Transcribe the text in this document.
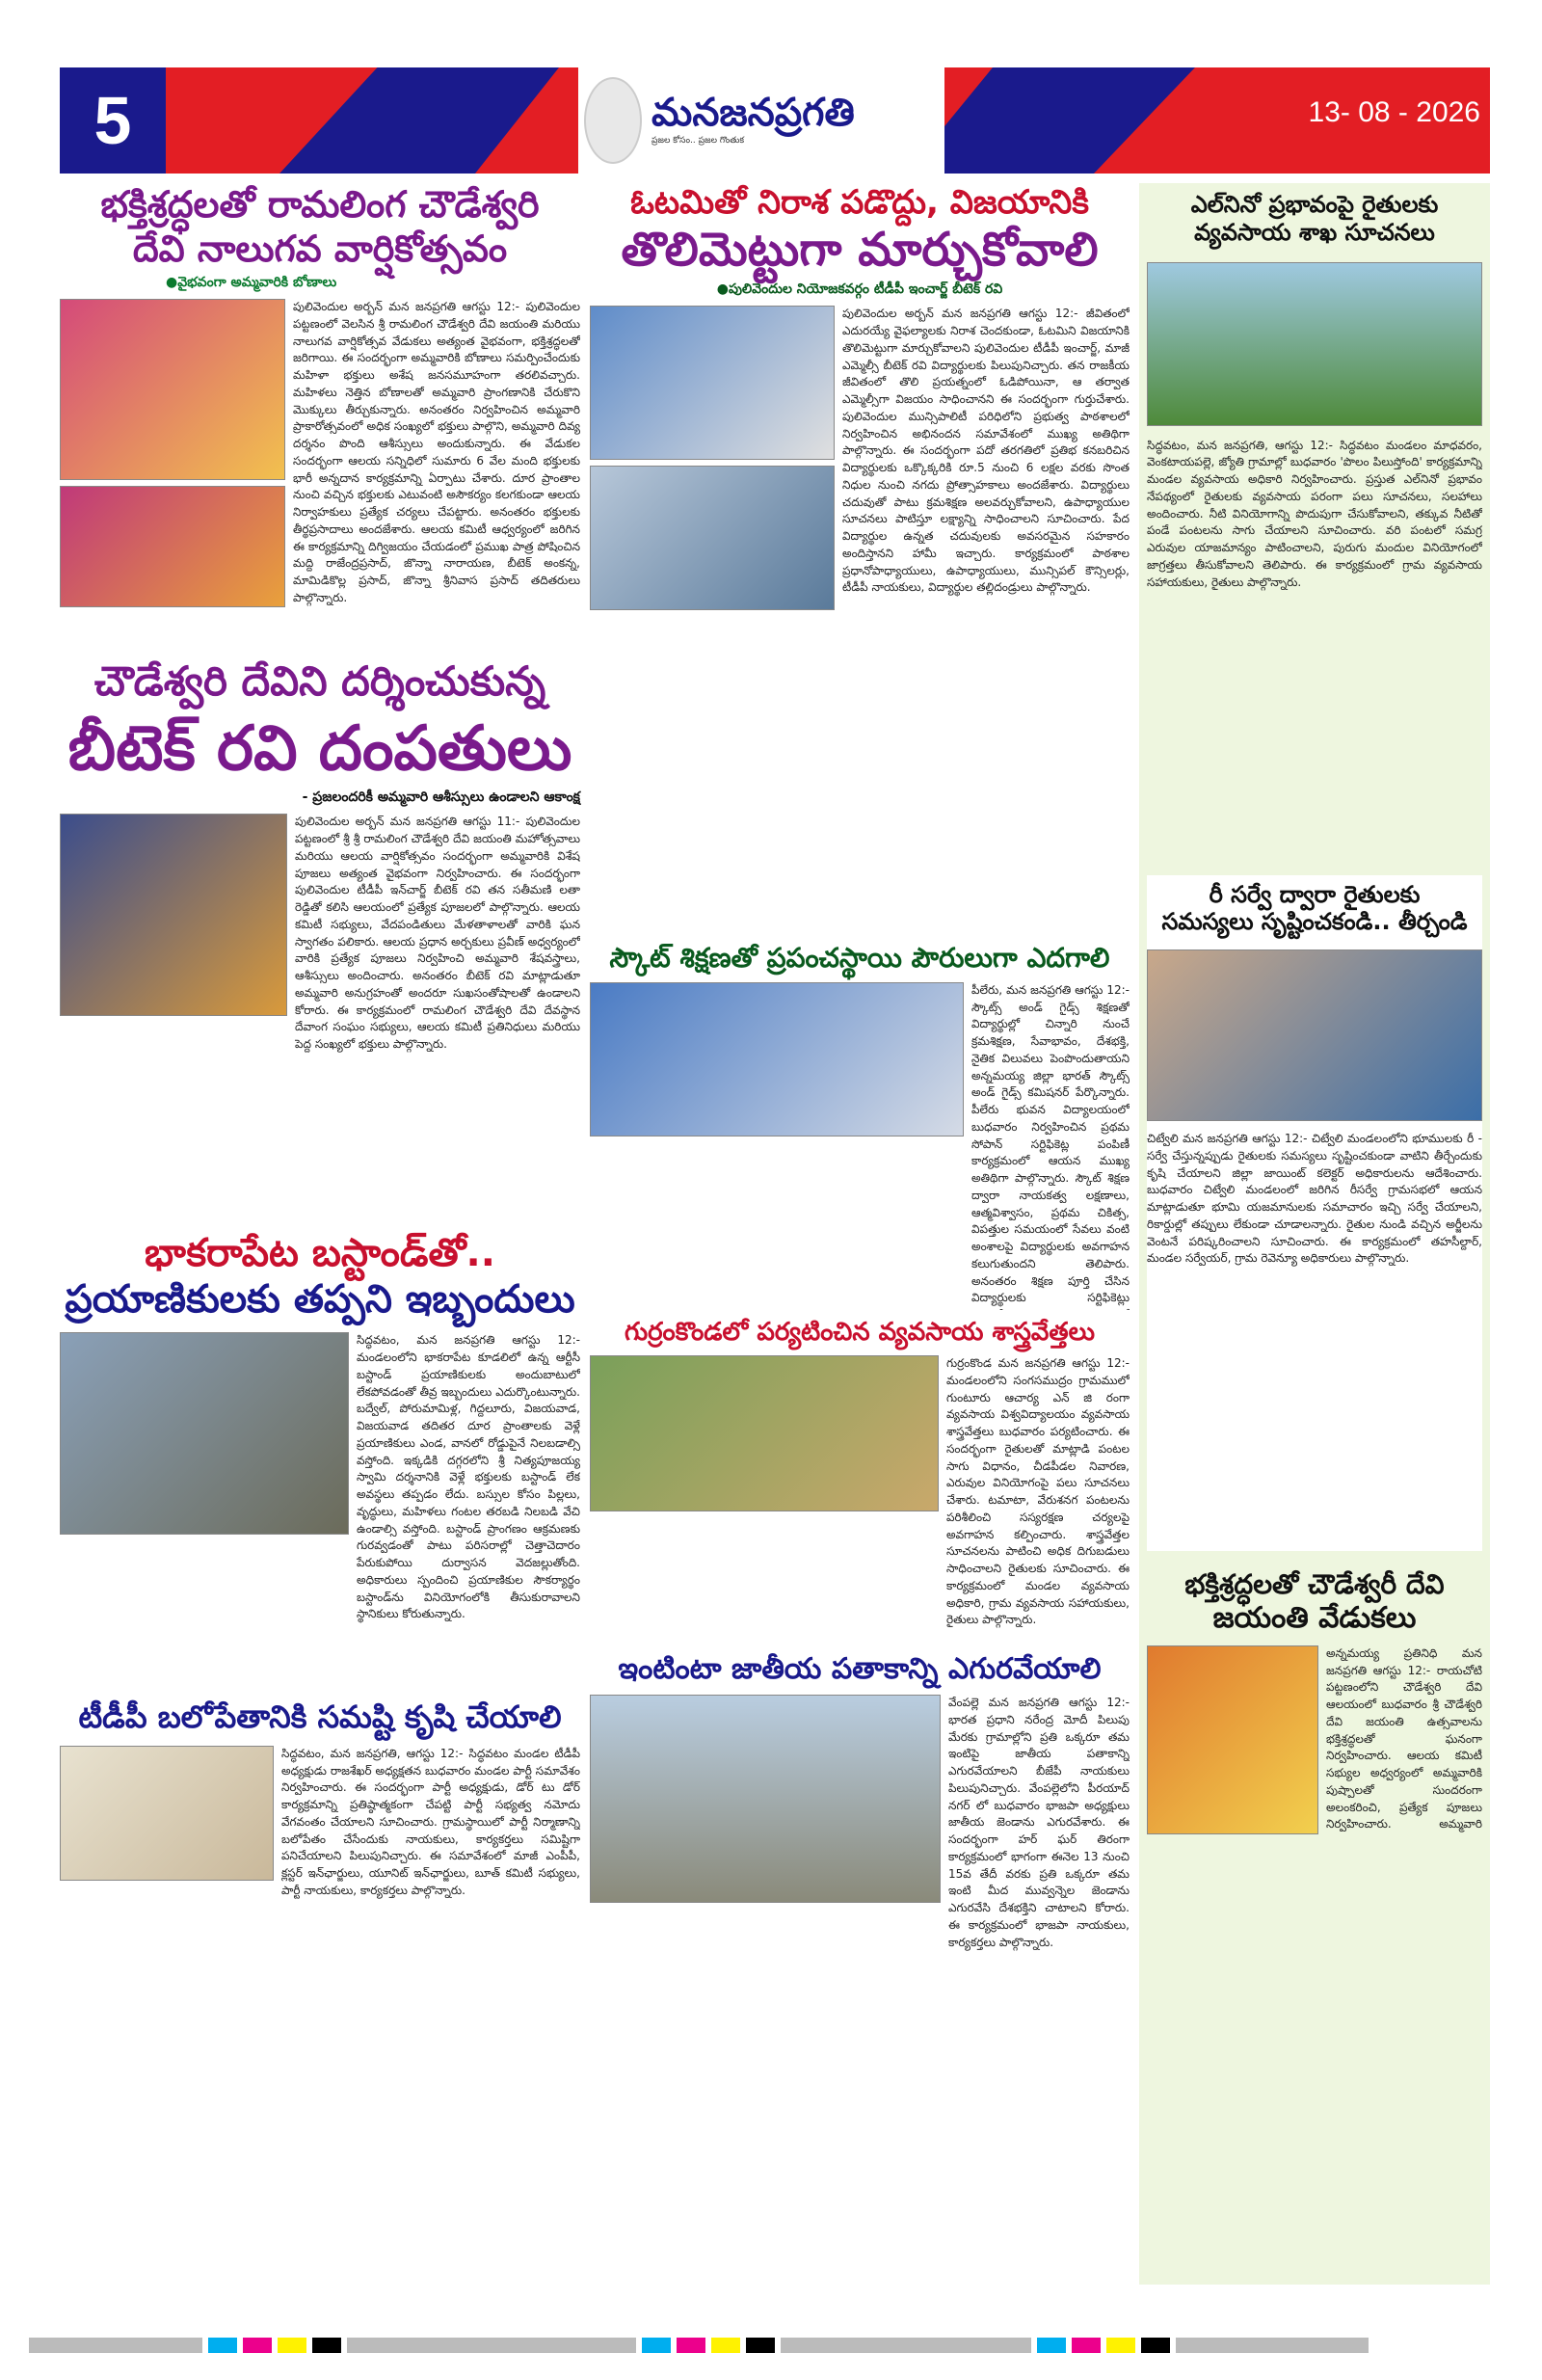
5	మనజనప్రగతి
ప్రజల కోసం.. ప్రజల గొంతుక
13- 08 - 2026
భక్తిశ్రద్ధలతో రామలింగ చౌడేశ్వరి
దేవి నాలుగవ వార్షికోత్సవం
●వైభవంగా అమ్మవారికి బోణాలు
పులివెందుల అర్బన్ మన జనప్రగతి ఆగస్టు 12:- పులివెందుల పట్టణంలో వెలసిన శ్రీ రామలింగ చౌడేశ్వరి దేవి జయంతి మరియు నాలుగవ వార్షికోత్సవ వేడుకలు అత్యంత వైభవంగా, భక్తిశ్రద్ధలతో జరిగాయి. ఈ సందర్భంగా అమ్మవారికి బోణాలు సమర్పించేందుకు మహిళా భక్తులు అశేష జనసమూహంగా తరలివచ్చారు. మహిళలు నెత్తిన బోణాలతో అమ్మవారి ప్రాంగణానికి చేరుకొని మొక్కులు తీర్చుకున్నారు. అనంతరం నిర్వహించిన అమ్మవారి ప్రాకారోత్సవంలో అధిక సంఖ్యలో భక్తులు పాల్గొని, అమ్మవారి దివ్య దర్శనం పొంది ఆశీస్సులు అందుకున్నారు. ఈ వేడుకల సందర్భంగా ఆలయ సన్నిధిలో సుమారు 6 వేల మంది భక్తులకు భారీ అన్నదాన కార్యక్రమాన్ని ఏర్పాటు చేశారు. దూర ప్రాంతాల నుంచి వచ్చిన భక్తులకు ఎటువంటి అసౌకర్యం కలగకుండా ఆలయ నిర్వాహకులు ప్రత్యేక చర్యలు చేపట్టారు. అనంతరం భక్తులకు తీర్థప్రసాదాలు అందజేశారు. ఆలయ కమిటీ ఆధ్వర్యంలో జరిగిన ఈ కార్యక్రమాన్ని దిగ్విజయం చేయడంలో ప్రముఖ పాత్ర పోషించిన మద్ది రాజేంద్రప్రసాద్, జొన్నా నారాయణ, బీటెక్ అంకన్న, మామిడికొల్ల ప్రసాద్, జొన్నా శ్రీనివాస ప్రసాద్ తదితరులు పాల్గొన్నారు.
చౌడేశ్వరి దేవిని దర్శించుకున్న
బీటెక్ రవి దంపతులు
- ప్రజలందరికీ అమ్మవారి ఆశీస్సులు ఉండాలని ఆకాంక్ష
పులివెందుల అర్బన్ మన జనప్రగతి ఆగస్టు 11:- పులివెందుల పట్టణంలో శ్రీ శ్రీ రామలింగ చౌడేశ్వరి దేవి జయంతి మహోత్సవాలు మరియు ఆలయ వార్షికోత్సవం సందర్భంగా అమ్మవారికి విశేష పూజలు అత్యంత వైభవంగా నిర్వహించారు. ఈ సందర్భంగా పులివెందుల టీడీపీ ఇన్‌చార్జ్ బీటెక్ రవి తన సతీమణి లతా రెడ్డితో కలిసి ఆలయంలో ప్రత్యేక పూజలలో పాల్గొన్నారు. ఆలయ కమిటీ సభ్యులు, వేదపండితులు మేళతాళాలతో వారికి ఘన స్వాగతం పలికారు. ఆలయ ప్రధాన అర్చకులు ప్రవీణ్ అధ్వర్యంలో వారికి ప్రత్యేక పూజలు నిర్వహించి అమ్మవారి శేషవస్త్రాలు, ఆశీస్సులు అందించారు. అనంతరం బీటెక్ రవి మాట్లాడుతూ అమ్మవారి అనుగ్రహంతో అందరూ సుఖసంతోషాలతో ఉండాలని కోరారు. ఈ కార్యక్రమంలో రామలింగ చౌడేశ్వరి దేవి దేవస్థాన దేవాంగ సంఘం సభ్యులు, ఆలయ కమిటీ ప్రతినిధులు మరియు పెద్ద సంఖ్యలో భక్తులు పాల్గొన్నారు.
భాకరాపేట బస్టాండ్‌తో..
ప్రయాణికులకు తప్పని ఇబ్బందులు
సిద్ధవటం, మన జనప్రగతి ఆగస్టు 12:- మండలంలోని భాకరాపేట కూడలిలో ఉన్న ఆర్టీసీ బస్టాండ్ ప్రయాణికులకు అందుబాటులో లేకపోవడంతో తీవ్ర ఇబ్బందులు ఎదుర్కొంటున్నారు. బద్వేల్, పోరుమామిళ్ల, గిద్దలూరు, విజయవాడ, విజయవాడ తదితర దూర ప్రాంతాలకు వెళ్లే ప్రయాణికులు ఎండ, వానలో రోడ్డుపైనే నిలబడాల్సి వస్తోంది. ఇక్కడికి దగ్గరలోని శ్రీ నిత్యపూజయ్య స్వామి దర్శనానికి వెళ్లే భక్తులకు బస్టాండ్ లేక అవస్థలు తప్పడం లేదు. బస్సుల కోసం పిల్లలు, వృద్ధులు, మహిళలు గంటల తరబడి నిలబడి వేచి ఉండాల్సి వస్తోంది. బస్టాండ్ ప్రాంగణం ఆక్రమణకు గురవ్వడంతో పాటు పరిసరాల్లో చెత్తాచెదారం పేరుకుపోయి దుర్వాసన వెదజల్లుతోంది. అధికారులు స్పందించి ప్రయాణికుల సౌకర్యార్థం బస్టాండ్‌ను వినియోగంలోకి తీసుకురావాలని స్థానికులు కోరుతున్నారు.
టీడీపీ బలోపేతానికి సమష్టి కృషి చేయాలి
సిద్ధవటం, మన జనప్రగతి, ఆగస్టు 12:- సిద్ధవటం మండల టీడీపీ అధ్యక్షుడు రాజశేఖర్ అధ్యక్షతన బుధవారం మండల పార్టీ సమావేశం నిర్వహించారు. ఈ సందర్భంగా పార్టీ అధ్యక్షుడు, డోర్ టు డోర్ కార్యక్రమాన్ని ప్రతిష్ఠాత్మకంగా చేపట్టి పార్టీ సభ్యత్వ నమోదు వేగవంతం చేయాలని సూచించారు. గ్రామస్థాయిలో పార్టీ నిర్మాణాన్ని బలోపేతం చేసేందుకు నాయకులు, కార్యకర్తలు సమిష్టిగా పనిచేయాలని పిలుపునిచ్చారు. ఈ సమావేశంలో మాజీ ఎంపీపీ, క్లస్టర్ ఇన్‌ఛార్జులు, యూనిట్ ఇన్‌ఛార్జులు, బూత్ కమిటీ సభ్యులు, పార్టీ నాయకులు, కార్యకర్తలు పాల్గొన్నారు.
ఓటమితో నిరాశ పడొద్దు, విజయానికి
తొలిమెట్టుగా మార్చుకోవాలి
●పులివెందుల నియోజకవర్గం టీడీపీ ఇంచార్జ్ బీటెక్ రవి
పులివెందుల అర్బన్ మన జనప్రగతి ఆగస్టు 12:- జీవితంలో ఎదురయ్యే వైఫల్యాలకు నిరాశ చెందకుండా, ఓటమిని విజయానికి తొలిమెట్టుగా మార్చుకోవాలని పులివెందుల టీడీపీ ఇంచార్జ్, మాజీ ఎమ్మెల్సీ బీటెక్ రవి విద్యార్థులకు పిలుపునిచ్చారు. తన రాజకీయ జీవితంలో తొలి ప్రయత్నంలో ఓడిపోయినా, ఆ తర్వాత ఎమ్మెల్సీగా విజయం సాధించానని ఈ సందర్భంగా గుర్తుచేశారు. పులివెందుల మున్సిపాలిటీ పరిధిలోని ప్రభుత్వ పాఠశాలలో నిర్వహించిన అభినందన సమావేశంలో ముఖ్య అతిథిగా పాల్గొన్నారు. ఈ సందర్భంగా పదో తరగతిలో ప్రతిభ కనబరిచిన విద్యార్థులకు ఒక్కొక్కరికి రూ.5 నుంచి 6 లక్షల వరకు సొంత నిధుల నుంచి నగదు ప్రోత్సాహకాలు అందజేశారు. విద్యార్థులు చదువుతో పాటు క్రమశిక్షణ అలవర్చుకోవాలని, ఉపాధ్యాయుల సూచనలు పాటిస్తూ లక్ష్యాన్ని సాధించాలని సూచించారు. పేద విద్యార్థుల ఉన్నత చదువులకు అవసరమైన సహకారం అందిస్తానని హామీ ఇచ్చారు. కార్యక్రమంలో పాఠశాల ప్రధానోపాధ్యాయులు, ఉపాధ్యాయులు, మున్సిపల్ కౌన్సిలర్లు, టీడీపీ నాయకులు, విద్యార్థుల తల్లిదండ్రులు పాల్గొన్నారు.
స్కౌట్ శిక్షణతో ప్రపంచస్థాయి పౌరులుగా ఎదగాలి
పీలేరు, మన జనప్రగతి ఆగస్టు 12:- స్కౌట్స్ అండ్ గైడ్స్ శిక్షణతో విద్యార్థుల్లో చిన్నారి నుంచే క్రమశిక్షణ, సేవాభావం, దేశభక్తి, నైతిక విలువలు పెంపొందుతాయని అన్నమయ్య జిల్లా భారత్ స్కౌట్స్ అండ్ గైడ్స్ కమిషనర్ పేర్కొన్నారు. పీలేరు భువన విద్యాలయంలో బుధవారం నిర్వహించిన ప్రథమ సోపాన్ సర్టిఫికెట్ల పంపిణీ కార్యక్రమంలో ఆయన ముఖ్య అతిథిగా పాల్గొన్నారు. స్కౌట్ శిక్షణ ద్వారా నాయకత్వ లక్షణాలు, ఆత్మవిశ్వాసం, ప్రథమ చికిత్స, విపత్తుల సమయంలో సేవలు వంటి అంశాలపై విద్యార్థులకు అవగాహన కలుగుతుందని తెలిపారు. అనంతరం శిక్షణ పూర్తి చేసిన విద్యార్థులకు సర్టిఫికెట్లు
గుర్రంకొండలో పర్యటించిన వ్యవసాయ శాస్త్రవేత్తలు
గుర్రంకొండ మన జనప్రగతి ఆగస్టు 12:- మండలంలోని సంగసముద్రం గ్రామములో గుంటూరు ఆచార్య ఎన్ జి రంగా వ్యవసాయ విశ్వవిద్యాలయం వ్యవసాయ శాస్త్రవేత్తలు బుధవారం పర్యటించారు. ఈ సందర్భంగా రైతులతో మాట్లాడి పంటల సాగు విధానం, చీడపీడల నివారణ, ఎరువుల వినియోగంపై పలు సూచనలు చేశారు. టమాటా, వేరుశనగ పంటలను పరిశీలించి సస్యరక్షణ చర్యలపై అవగాహన కల్పించారు. శాస్త్రవేత్తల సూచనలను పాటించి అధిక దిగుబడులు సాధించాలని రైతులకు సూచించారు. ఈ కార్యక్రమంలో మండల వ్యవసాయ అధికారి, గ్రామ వ్యవసాయ సహాయకులు, రైతులు పాల్గొన్నారు.
ఇంటింటా జాతీయ పతాకాన్ని ఎగురవేయాలి
వేంపల్లె మన జనప్రగతి ఆగస్టు 12:- భారత ప్రధాని నరేంద్ర మోదీ పిలుపు మేరకు గ్రామాల్లోని ప్రతి ఒక్కరూ తమ ఇంటిపై జాతీయ పతాకాన్ని ఎగురవేయాలని బీజేపీ నాయకులు పిలుపునిచ్చారు. వేంపల్లెలోని పీరయాద్ నగర్ లో బుధవారం భాజపా అధ్యక్షులు జాతీయ జెండాను ఎగురవేశారు. ఈ సందర్భంగా హర్ ఘర్ తిరంగా కార్యక్రమంలో భాగంగా ఈనెల 13 నుంచి 15వ తేదీ వరకు ప్రతి ఒక్కరూ తమ ఇంటి మీద మువ్వన్నెల జెండాను ఎగురవేసి దేశభక్తిని చాటాలని కోరారు. ఈ కార్యక్రమంలో భాజపా నాయకులు, కార్యకర్తలు పాల్గొన్నారు.
ఎల్‌నినో ప్రభావంపై రైతులకు
వ్యవసాయ శాఖ సూచనలు
సిద్ధవటం, మన జనప్రగతి, ఆగస్టు 12:- సిద్ధవటం మండలం మాధవరం, వెంకటాయపల్లె, జ్యోతి గ్రామాల్లో బుధవారం 'పొలం పిలుస్తోంది' కార్యక్రమాన్ని మండల వ్యవసాయ అధికారి నిర్వహించారు. ప్రస్తుత ఎల్‌నినో ప్రభావం నేపథ్యంలో రైతులకు వ్యవసాయ పరంగా పలు సూచనలు, సలహాలు అందించారు. నీటి వినియోగాన్ని పొదుపుగా చేసుకోవాలని, తక్కువ నీటితో పండే పంటలను సాగు చేయాలని సూచించారు. వరి పంటలో సమగ్ర ఎరువుల యాజమాన్యం పాటించాలని, పురుగు మందుల వినియోగంలో జాగ్రత్తలు తీసుకోవాలని తెలిపారు. ఈ కార్యక్రమంలో గ్రామ వ్యవసాయ సహాయకులు, రైతులు పాల్గొన్నారు.
రీ సర్వే ద్వారా రైతులకు
సమస్యలు సృష్టించకండి.. తీర్చండి
చిట్వేలి మన జనప్రగతి ఆగస్టు 12:- చిట్వేలి మండలంలోని భూములకు రీ - సర్వే చేస్తున్నప్పుడు రైతులకు సమస్యలు సృష్టించకుండా వాటిని తీర్చేందుకు కృషి చేయాలని జిల్లా జాయింట్ కలెక్టర్ అధికారులను ఆదేశించారు. బుధవారం చిట్వేలి మండలంలో జరిగిన రీసర్వే గ్రామసభలో ఆయన మాట్లాడుతూ భూమి యజమానులకు సమాచారం ఇచ్చి సర్వే చేయాలని, రికార్డుల్లో తప్పులు లేకుండా చూడాలన్నారు. రైతుల నుండి వచ్చిన అర్జీలను వెంటనే పరిష్కరించాలని సూచించారు. ఈ కార్యక్రమంలో తహసీల్దార్, మండల సర్వేయర్, గ్రామ రెవెన్యూ అధికారులు పాల్గొన్నారు.
భక్తిశ్రద్ధలతో చౌడేశ్వరీ దేవి
జయంతి వేడుకలు
అన్నమయ్య ప్రతినిధి మన జనప్రగతి ఆగస్టు 12:- రాయచోటి పట్టణంలోని చౌడేశ్వరి దేవి ఆలయంలో బుధవారం శ్రీ చౌడేశ్వరి దేవి జయంతి ఉత్సవాలను భక్తిశ్రద్ధలతో ఘనంగా నిర్వహించారు. ఆలయ కమిటీ సభ్యుల అధ్వర్యంలో అమ్మవారికి పుష్పాలతో సుందరంగా అలంకరించి, ప్రత్యేక పూజలు నిర్వహించారు. అమ్మవారి
